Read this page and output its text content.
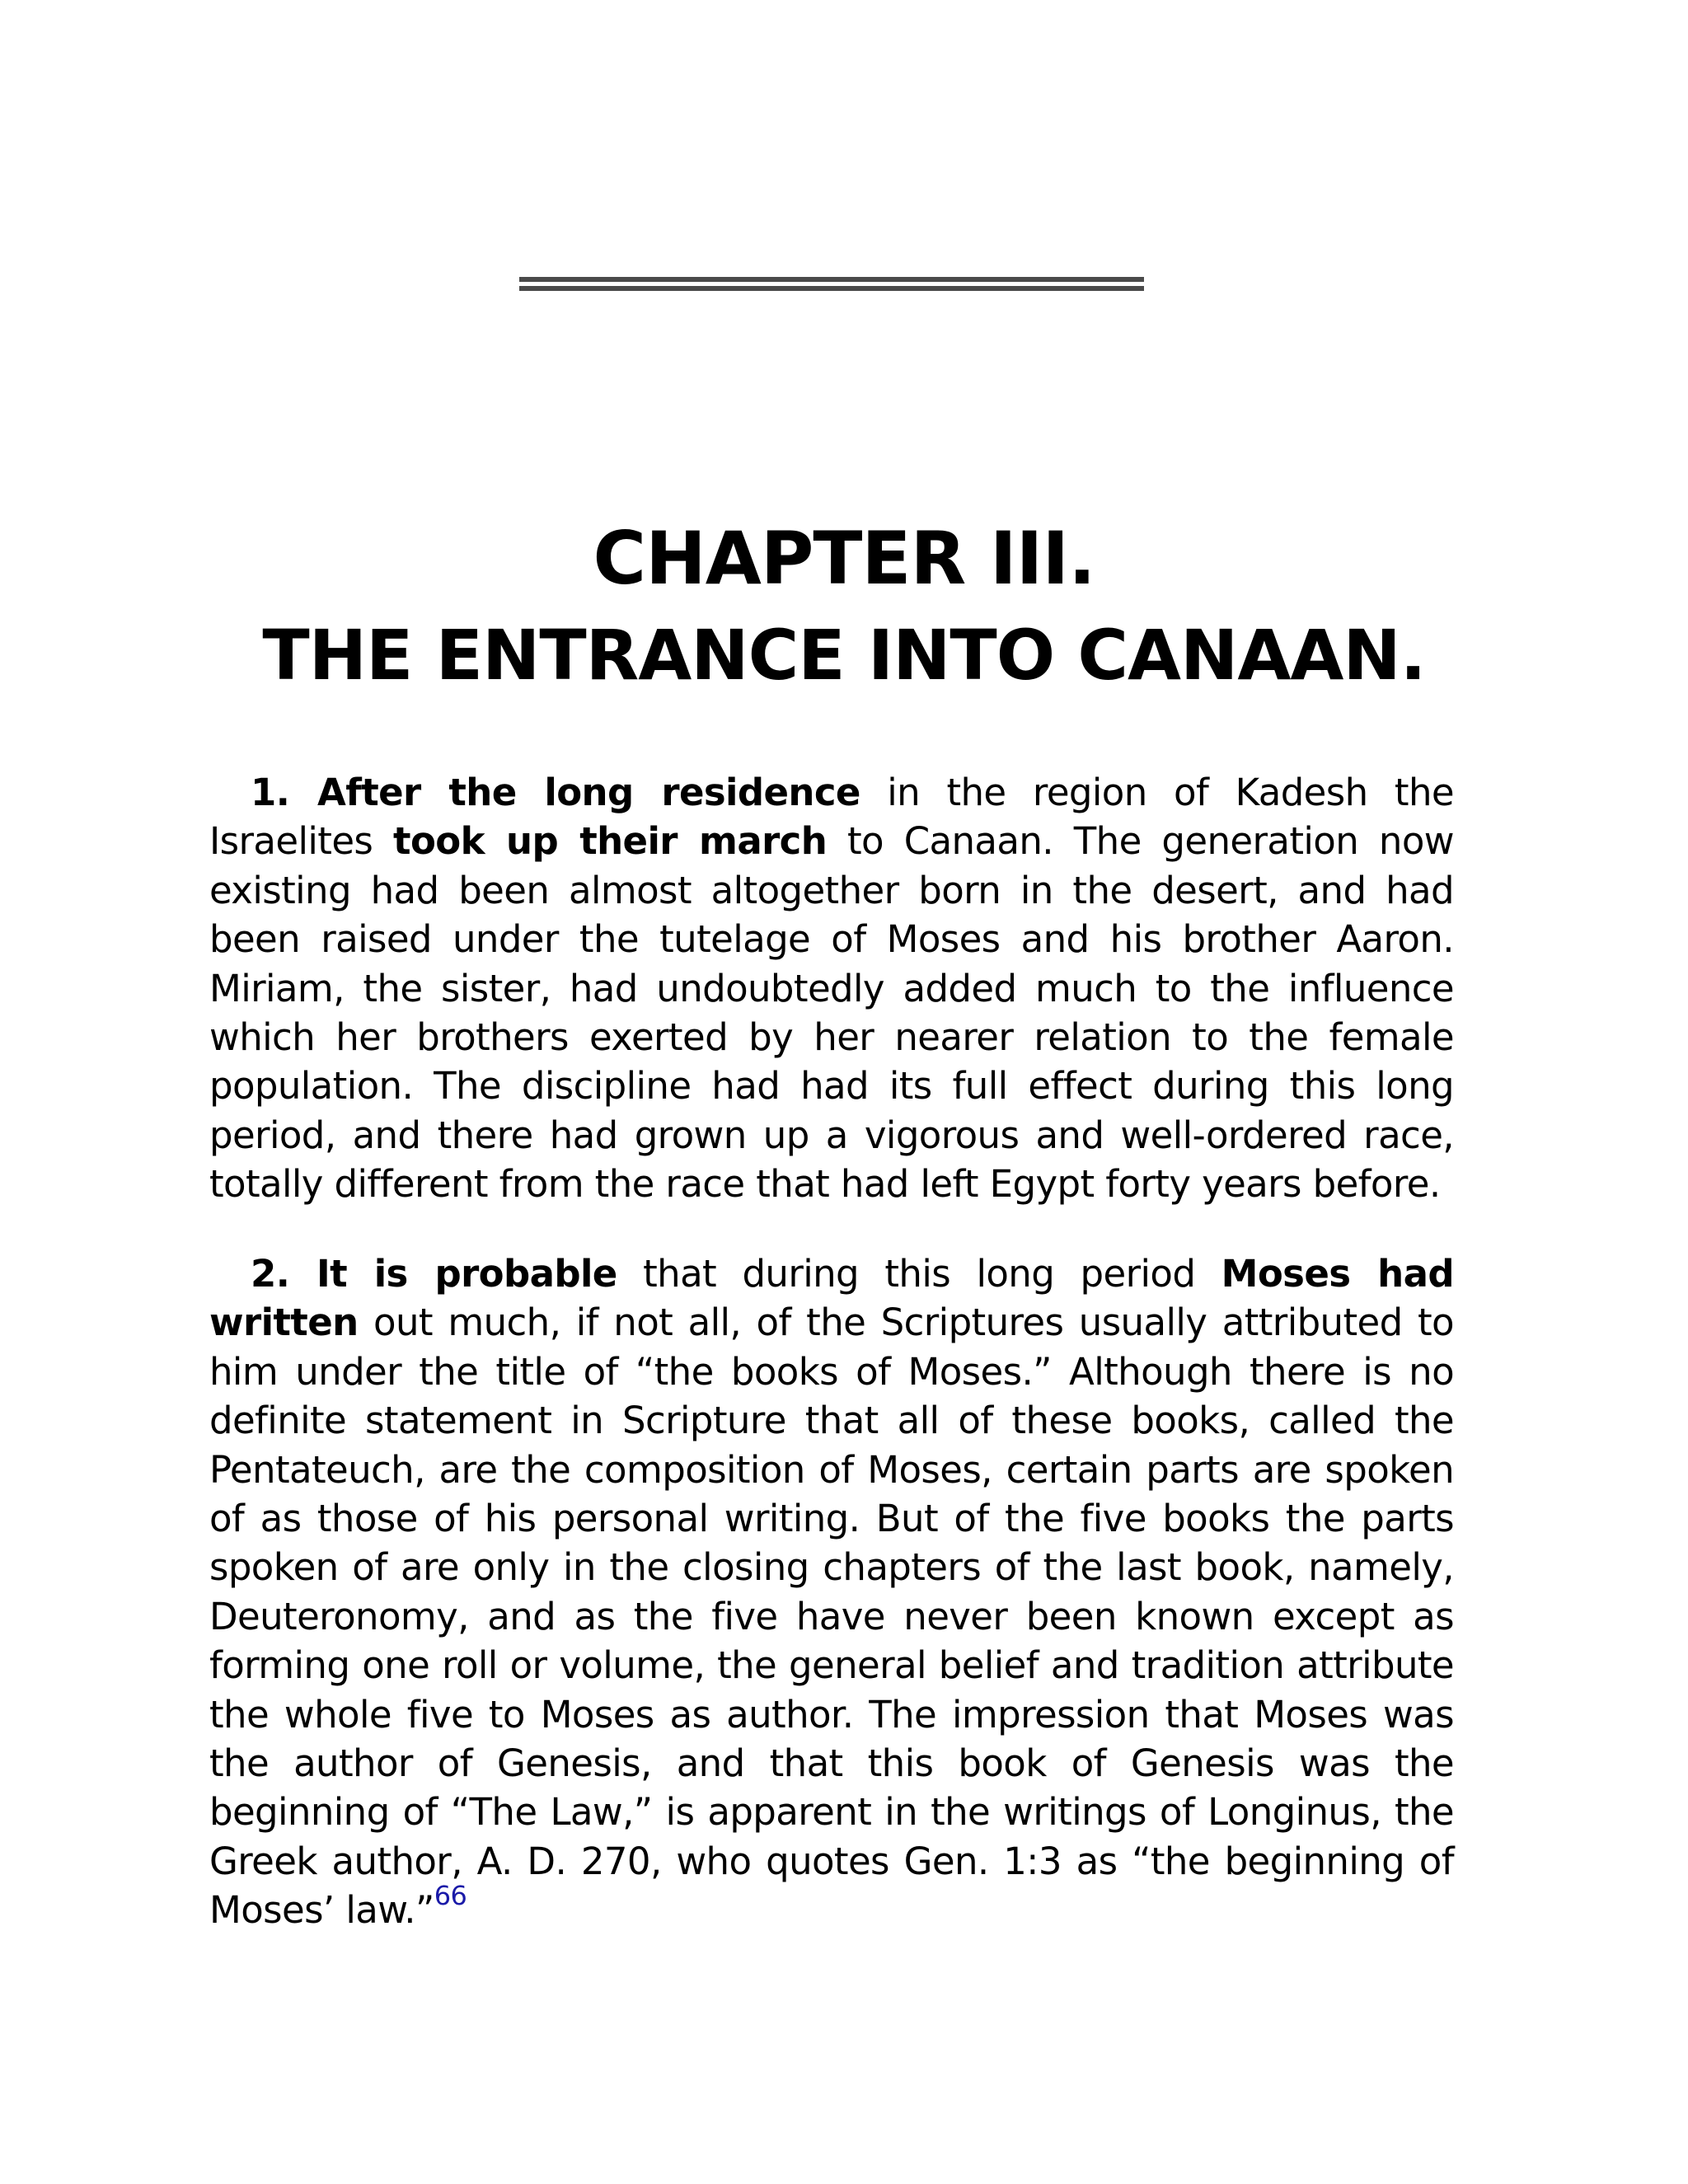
CHAPTER III.
THE ENTRANCE INTO CANAAN.

1. After the long residence in the region of Kadesh the Israelites took up their march to Canaan. The generation now existing had been almost altogether born in the desert, and had been raised under the tutelage of Moses and his brother Aaron. Miriam, the sister, had undoubtedly added much to the influence which her brothers exerted by her nearer relation to the female population. The discipline had had its full effect during this long period, and there had grown up a vigorous and well-ordered race, totally different from the race that had left Egypt forty years before.

2. It is probable that during this long period Moses had written out much, if not all, of the Scriptures usually attributed to him under the title of “the books of Moses.” Although there is no definite statement in Scripture that all of these books, called the Pentateuch, are the composition of Moses, certain parts are spoken of as those of his personal writing. But of the five books the parts spoken of are only in the closing chapters of the last book, namely, Deuteronomy, and as the five have never been known except as forming one roll or volume, the general belief and tradition attribute the whole five to Moses as author. The impression that Moses was the author of Genesis, and that this book of Genesis was the beginning of “The Law,” is apparent in the writings of Longinus, the Greek author, A. D. 270, who quotes Gen. 1:3 as “the beginning of Moses’ law.”$^{66}$
